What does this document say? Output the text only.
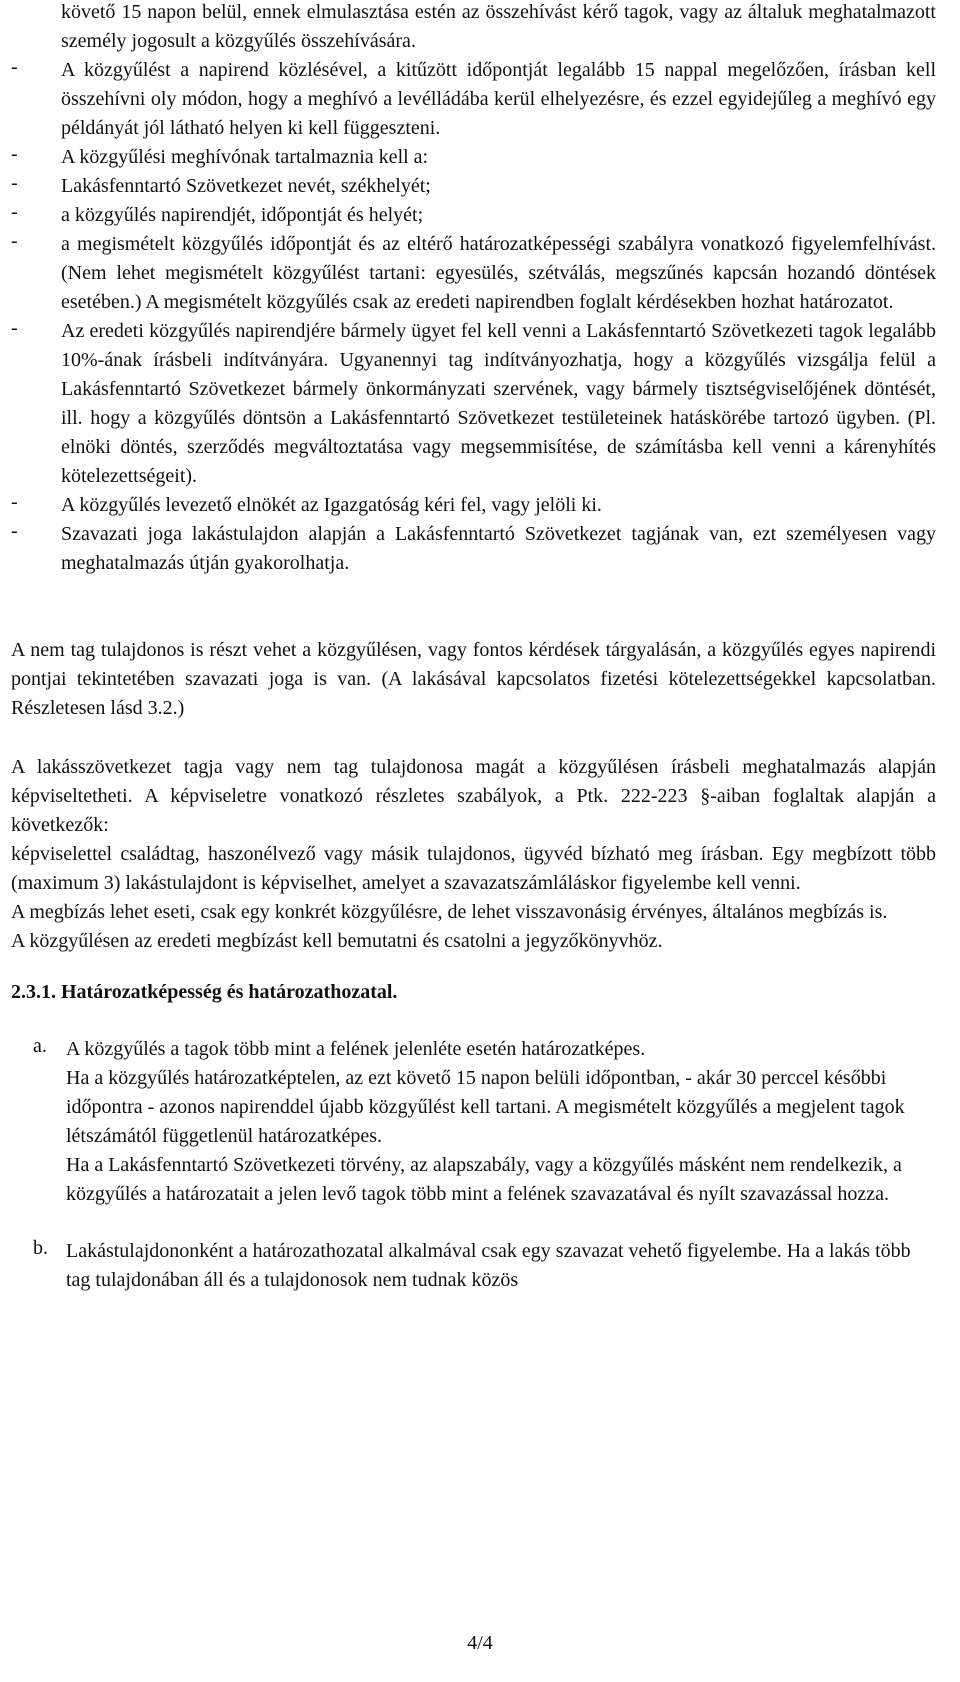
követő 15 napon belül, ennek elmulasztása estén az összehívást kérő tagok, vagy az általuk meghatalmazott személy jogosult a közgyűlés összehívására.

-	A közgyűlést a napirend közlésével, a kitűzött időpontját legalább 15 nappal megelőzően, írásban kell összehívni oly módon, hogy a meghívó a levélládába kerül elhelyezésre, és ezzel egyidejűleg a meghívó egy példányát jól látható helyen ki kell függeszteni.

-	A közgyűlési meghívónak tartalmaznia kell a:

-	Lakásfenntartó Szövetkezet nevét, székhelyét;

-	a közgyűlés napirendjét, időpontját és helyét;

-	a megismételt közgyűlés időpontját és az eltérő határozatképességi szabályra vonatkozó figyelemfelhívást. (Nem lehet megismételt közgyűlést tartani: egyesülés, szétválás, megszűnés kapcsán hozandó döntések esetében.) A megismételt közgyűlés csak az eredeti napirendben foglalt kérdésekben hozhat határozatot.

-	Az eredeti közgyűlés napirendjére bármely ügyet fel kell venni a Lakásfenntartó Szövetkezeti tagok legalább 10%-ának írásbeli indítványára. Ugyanennyi tag indítványozhatja, hogy a közgyűlés vizsgálja felül a Lakásfenntartó Szövetkezet bármely önkormányzati szervének, vagy bármely tisztségviselőjének döntését, ill. hogy a közgyűlés döntsön a Lakásfenntartó Szövetkezet testületeinek hatáskörébe tartozó ügyben. (Pl. elnöki döntés, szerződés megváltoztatása vagy megsemmisítése, de számításba kell venni a kárenyhítés kötelezettségeit).

-	A közgyűlés levezető elnökét az Igazgatóság kéri fel, vagy jelöli ki.

-	Szavazati joga lakástulajdon alapján a Lakásfenntartó Szövetkezet tagjának van, ezt személyesen vagy meghatalmazás útján gyakorolhatja.

A nem tag tulajdonos is részt vehet a közgyűlésen, vagy fontos kérdések tárgyalásán, a közgyűlés egyes napirendi pontjai tekintetében szavazati joga is van. (A lakásával kapcsolatos fizetési kötelezettségekkel kapcsolatban. Részletesen lásd 3.2.)

A lakásszövetkezet tagja vagy nem tag tulajdonosa magát a közgyűlésen írásbeli meghatalmazás alapján képviseltetheti. A képviseletre vonatkozó részletes szabályok, a Ptk. 222-223 §-aiban foglaltak alapján a következők:

képviselettel családtag, haszonélvező vagy másik tulajdonos, ügyvéd bízható meg írásban. Egy megbízott több (maximum 3) lakástulajdont is képviselhet, amelyet a szavazatszámláláskor figyelembe kell venni.

A megbízás lehet eseti, csak egy konkrét közgyűlésre, de lehet visszavonásig érvényes, általános megbízás is.

A közgyűlésen az eredeti megbízást kell bemutatni és csatolni a jegyzőkönyvhöz.

2.3.1. Határozatképesség és határozathozatal.
a. A közgyűlés a tagok több mint a felének jelenléte esetén határozatképes.
Ha a közgyűlés határozatképtelen, az ezt követő 15 napon belüli időpontban, - akár 30 perccel későbbi időpontra - azonos napirenddel újabb közgyűlést kell tartani. A megismételt közgyűlés a megjelent tagok létszámától függetlenül határozatképes.
Ha a Lakásfenntartó Szövetkezeti törvény, az alapszabály, vagy a közgyűlés másként nem rendelkezik, a közgyűlés a határozatait a jelen levő tagok több mint a felének szavazatával és nyílt szavazással hozza.
b. Lakástulajdononként a határozathozatal alkalmával csak egy szavazat vehető figyelembe. Ha a lakás több tag tulajdonában áll és a tulajdonosok nem tudnak közös
4/4
